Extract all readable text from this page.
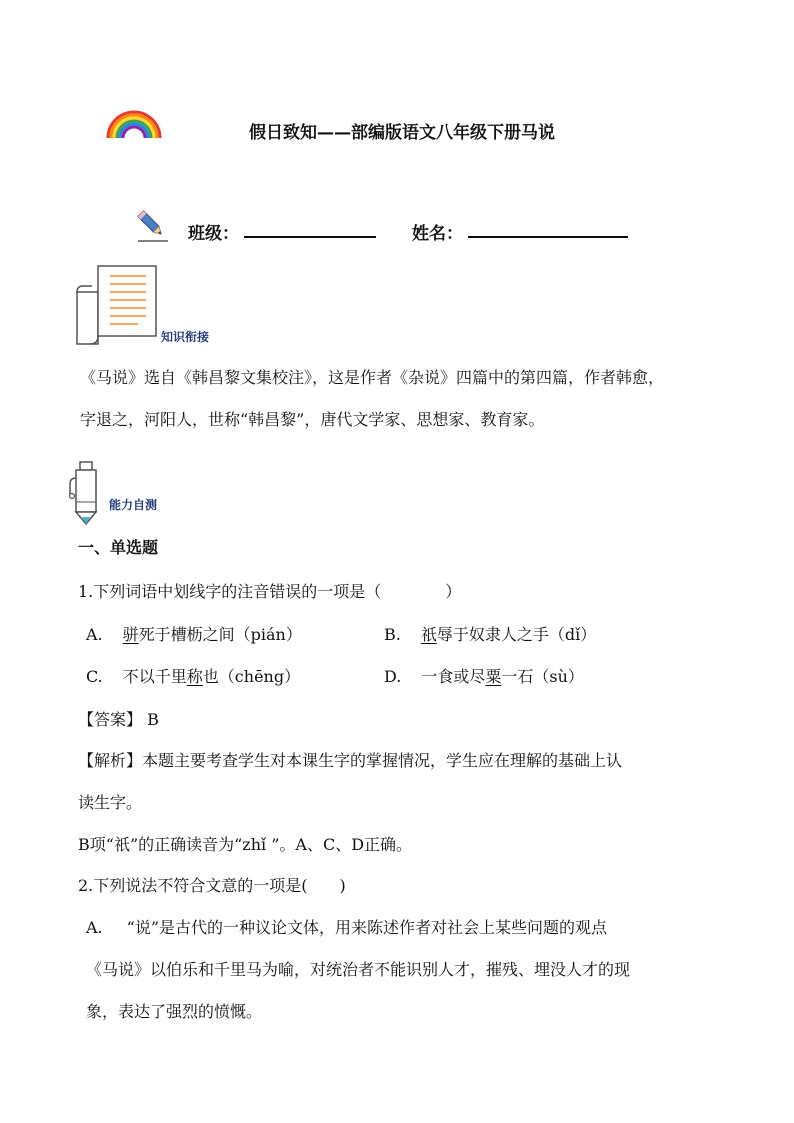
假日致知——部编版语文八年级下册马说
班级：	姓名：
知识衔接
《马说》选自《韩昌黎文集校注》，这是作者《杂说》四篇中的第四篇，作者韩愈，
字退之，河阳人，世称“韩昌黎”，唐代文学家、思想家、教育家。
能力自测
一、单选题
1.下列词语中划线字的注音错误的一项是（　　　　）
A. 骈死于槽枥之间（pián）	B. 祇辱于奴隶人之手（dǐ）
C. 不以千里称也（chēng）	D. 一食或尽粟一石（sù）
【答案】 B
【解析】本题主要考查学生对本课生字的掌握情况，学生应在理解的基础上认
读生字。
B项“祇”的正确读音为“zhǐ ”。A、C、D正确。
2.下列说法不符合文意的一项是(　　)
A. “说”是古代的一种议论文体，用来陈述作者对社会上某些问题的观点
《马说》以伯乐和千里马为喻，对统治者不能识别人才，摧残、埋没人才的现
象，表达了强烈的愤慨。
